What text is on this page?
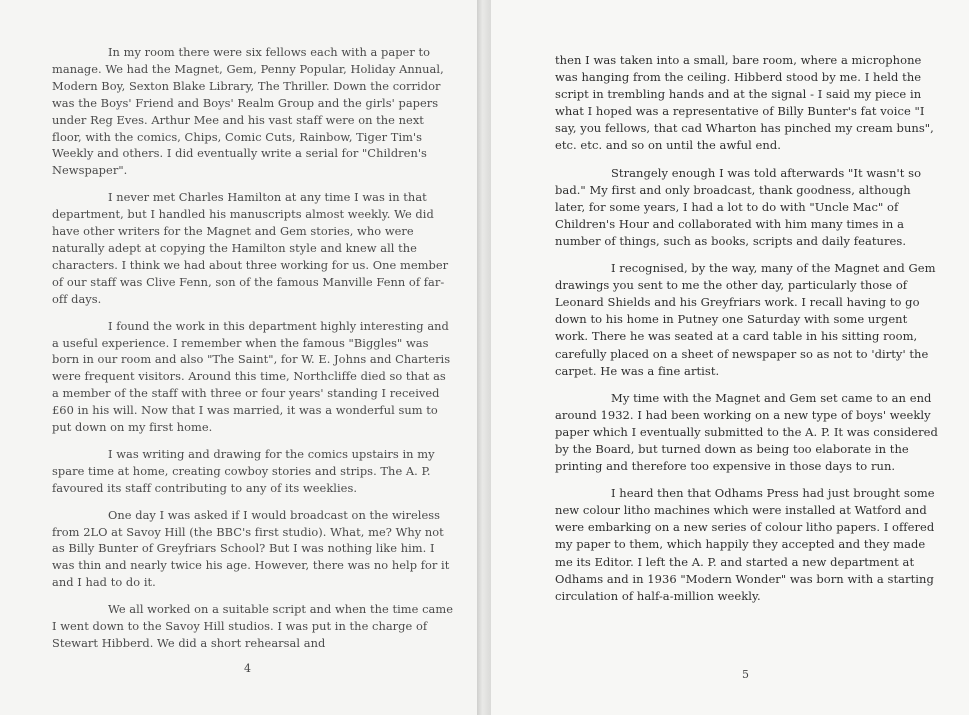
In my room there were six fellows each with a paper to manage. We had the Magnet, Gem, Penny Popular, Holiday Annual, Modern Boy, Sexton Blake Library, The Thriller. Down the corridor was the Boys' Friend and Boys' Realm Group and the girls' papers under Reg Eves. Arthur Mee and his vast staff were on the next floor, with the comics, Chips, Comic Cuts, Rainbow, Tiger Tim's Weekly and others. I did eventually write a serial for "Children's Newspaper".

I never met Charles Hamilton at any time I was in that department, but I handled his manuscripts almost weekly. We did have other writers for the Magnet and Gem stories, who were naturally adept at copying the Hamilton style and knew all the characters. I think we had about three working for us. One member of our staff was Clive Fenn, son of the famous Manville Fenn of far-off days.

I found the work in this department highly interesting and a useful experience. I remember when the famous "Biggles" was born in our room and also "The Saint", for W. E. Johns and Charteris were frequent visitors. Around this time, Northcliffe died so that as a member of the staff with three or four years' standing I received £60 in his will. Now that I was married, it was a wonderful sum to put down on my first home.

I was writing and drawing for the comics upstairs in my spare time at home, creating cowboy stories and strips. The A. P. favoured its staff contributing to any of its weeklies.

One day I was asked if I would broadcast on the wireless from 2LO at Savoy Hill (the BBC's first studio). What, me? Why not as Billy Bunter of Greyfriars School? But I was nothing like him. I was thin and nearly twice his age. However, there was no help for it and I had to do it.

We all worked on a suitable script and when the time came I went down to the Savoy Hill studios. I was put in the charge of Stewart Hibberd. We did a short rehearsal and

4

then I was taken into a small, bare room, where a microphone was hanging from the ceiling. Hibberd stood by me. I held the script in trembling hands and at the signal - I said my piece in what I hoped was a representative of Billy Bunter's fat voice "I say, you fellows, that cad Wharton has pinched my cream buns", etc. etc. and so on until the awful end.

Strangely enough I was told afterwards "It wasn't so bad." My first and only broadcast, thank goodness, although later, for some years, I had a lot to do with "Uncle Mac" of Children's Hour and collaborated with him many times in a number of things, such as books, scripts and daily features.

I recognised, by the way, many of the Magnet and Gem drawings you sent to me the other day, particularly those of Leonard Shields and his Greyfriars work. I recall having to go down to his home in Putney one Saturday with some urgent work. There he was seated at a card table in his sitting room, carefully placed on a sheet of newspaper so as not to 'dirty' the carpet. He was a fine artist.

My time with the Magnet and Gem set came to an end around 1932. I had been working on a new type of boys' weekly paper which I eventually submitted to the A. P. It was considered by the Board, but turned down as being too elaborate in the printing and therefore too expensive in those days to run.

I heard then that Odhams Press had just brought some new colour litho machines which were installed at Watford and were embarking on a new series of colour litho papers. I offered my paper to them, which happily they accepted and they made me its Editor. I left the A. P. and started a new department at Odhams and in 1936 "Modern Wonder" was born with a starting circulation of half-a-million weekly.

5
